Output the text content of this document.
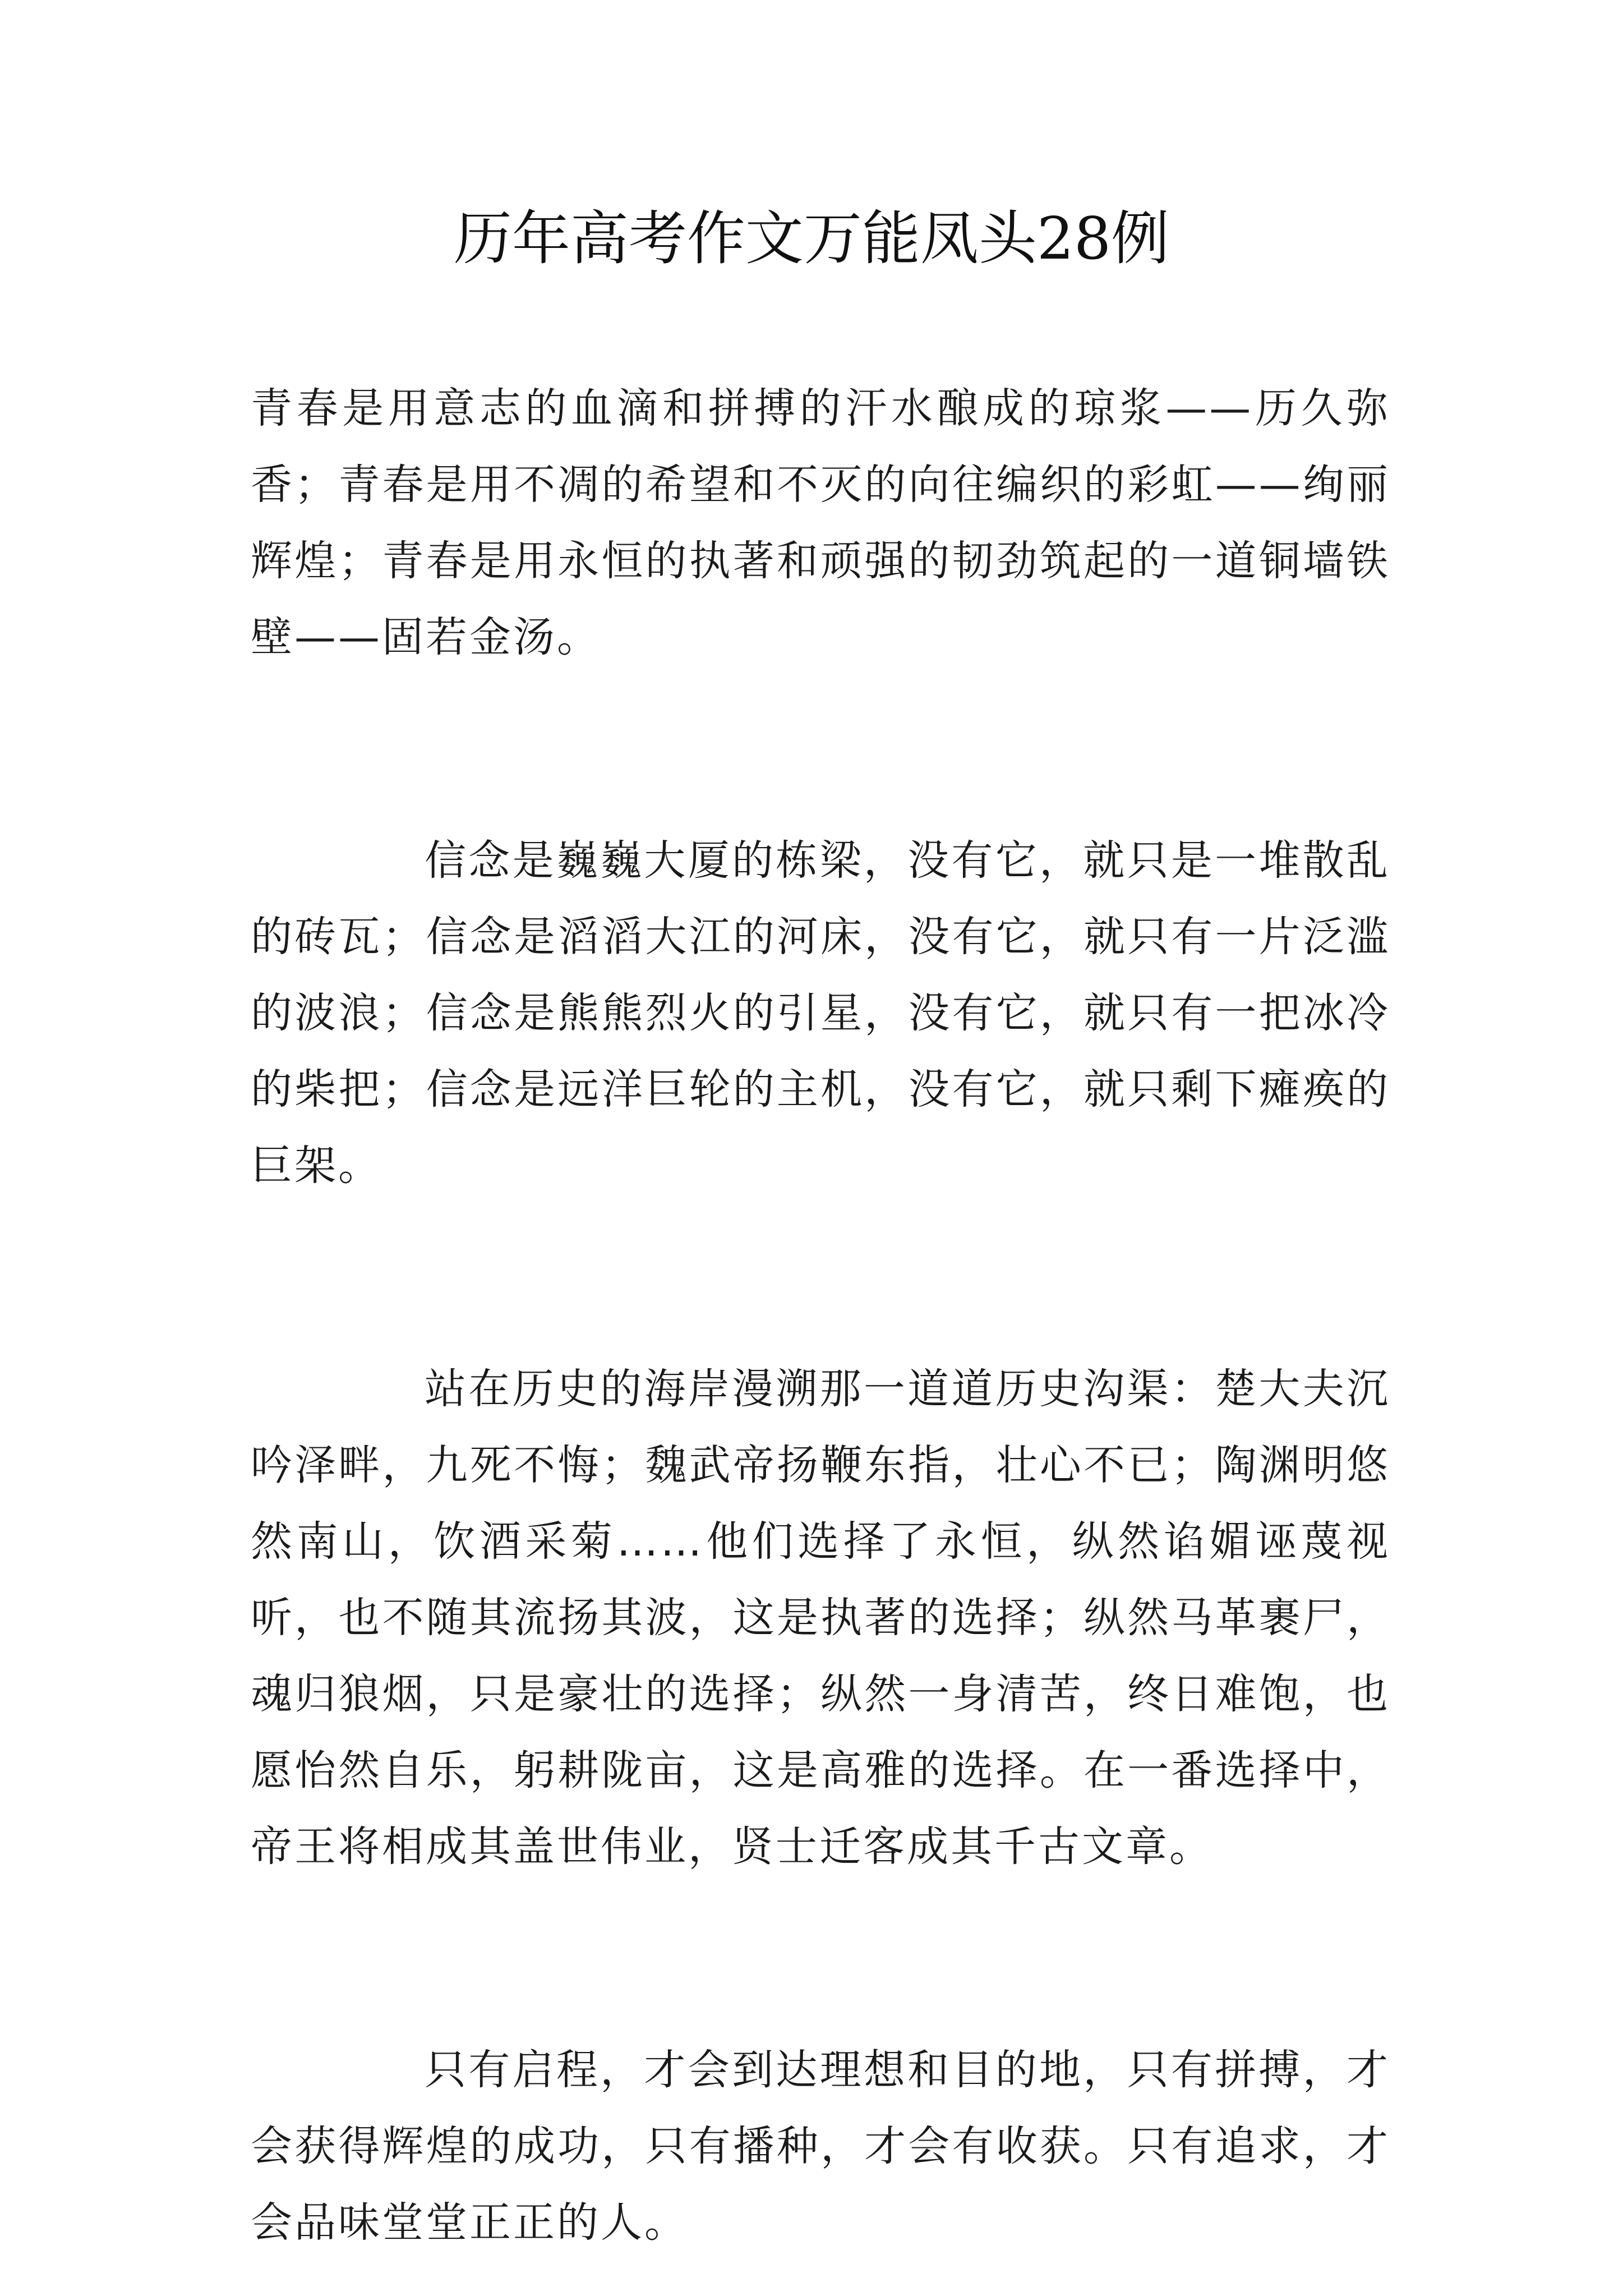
历年高考作文万能凤头28例

青春是用意志的血滴和拼搏的汗水酿成的琼浆——历久弥香；青春是用不凋的希望和不灭的向往编织的彩虹——绚丽辉煌；青春是用永恒的执著和顽强的韧劲筑起的一道铜墙铁壁——固若金汤。

信念是巍巍大厦的栋梁，没有它，就只是一堆散乱的砖瓦；信念是滔滔大江的河床，没有它，就只有一片泛滥的波浪；信念是熊熊烈火的引星，没有它，就只有一把冰冷的柴把；信念是远洋巨轮的主机，没有它，就只剩下瘫痪的巨架。

站在历史的海岸漫溯那一道道历史沟渠：楚大夫沉吟泽畔，九死不悔；魏武帝扬鞭东指，壮心不已；陶渊明悠然南山，饮酒采菊……他们选择了永恒，纵然谄媚诬蔑视听，也不随其流扬其波，这是执著的选择；纵然马革裹尸，魂归狼烟，只是豪壮的选择；纵然一身清苦，终日难饱，也愿怡然自乐，躬耕陇亩，这是高雅的选择。在一番选择中，帝王将相成其盖世伟业，贤士迁客成其千古文章。

只有启程，才会到达理想和目的地，只有拼搏，才会获得辉煌的成功，只有播种，才会有收获。只有追求，才会品味堂堂正正的人。
